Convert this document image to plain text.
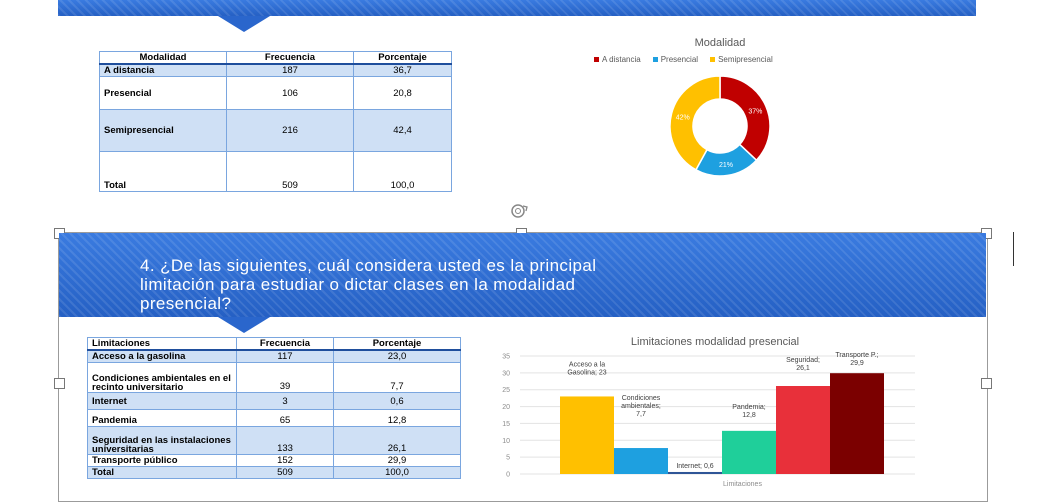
Modalidad	Frecuencia	Porcentaje
A distancia	187	36,7
Presencial	106	20,8
Semipresencial	216	42,4
Total	509	100,0
Modalidad
A distancia	Presencial	Semipresencial
37%
21%
42%
4. ¿De las siguientes, cuál considera usted es la principal
limitación para estudiar o dictar clases en la modalidad
presencial?
Limitaciones	Frecuencia	Porcentaje
Acceso a la gasolina	117	23,0
Condiciones ambientales en el recinto universitario	39	7,7
Internet	3	0,6
Pandemia	65	12,8
Seguridad en las instalaciones universitarias	133	26,1
Transporte público	152	29,9
Total	509	100,0
Limitaciones modalidad presencial
0
5
10
15
20
25
30
35
Acceso a la
Gasolina; 23
Condiciones
ambientales;
7,7
Internet; 0,6
Pandemia;
12,8
Seguridad;
26,1
Transporte P.;
29,9
Limitaciones
